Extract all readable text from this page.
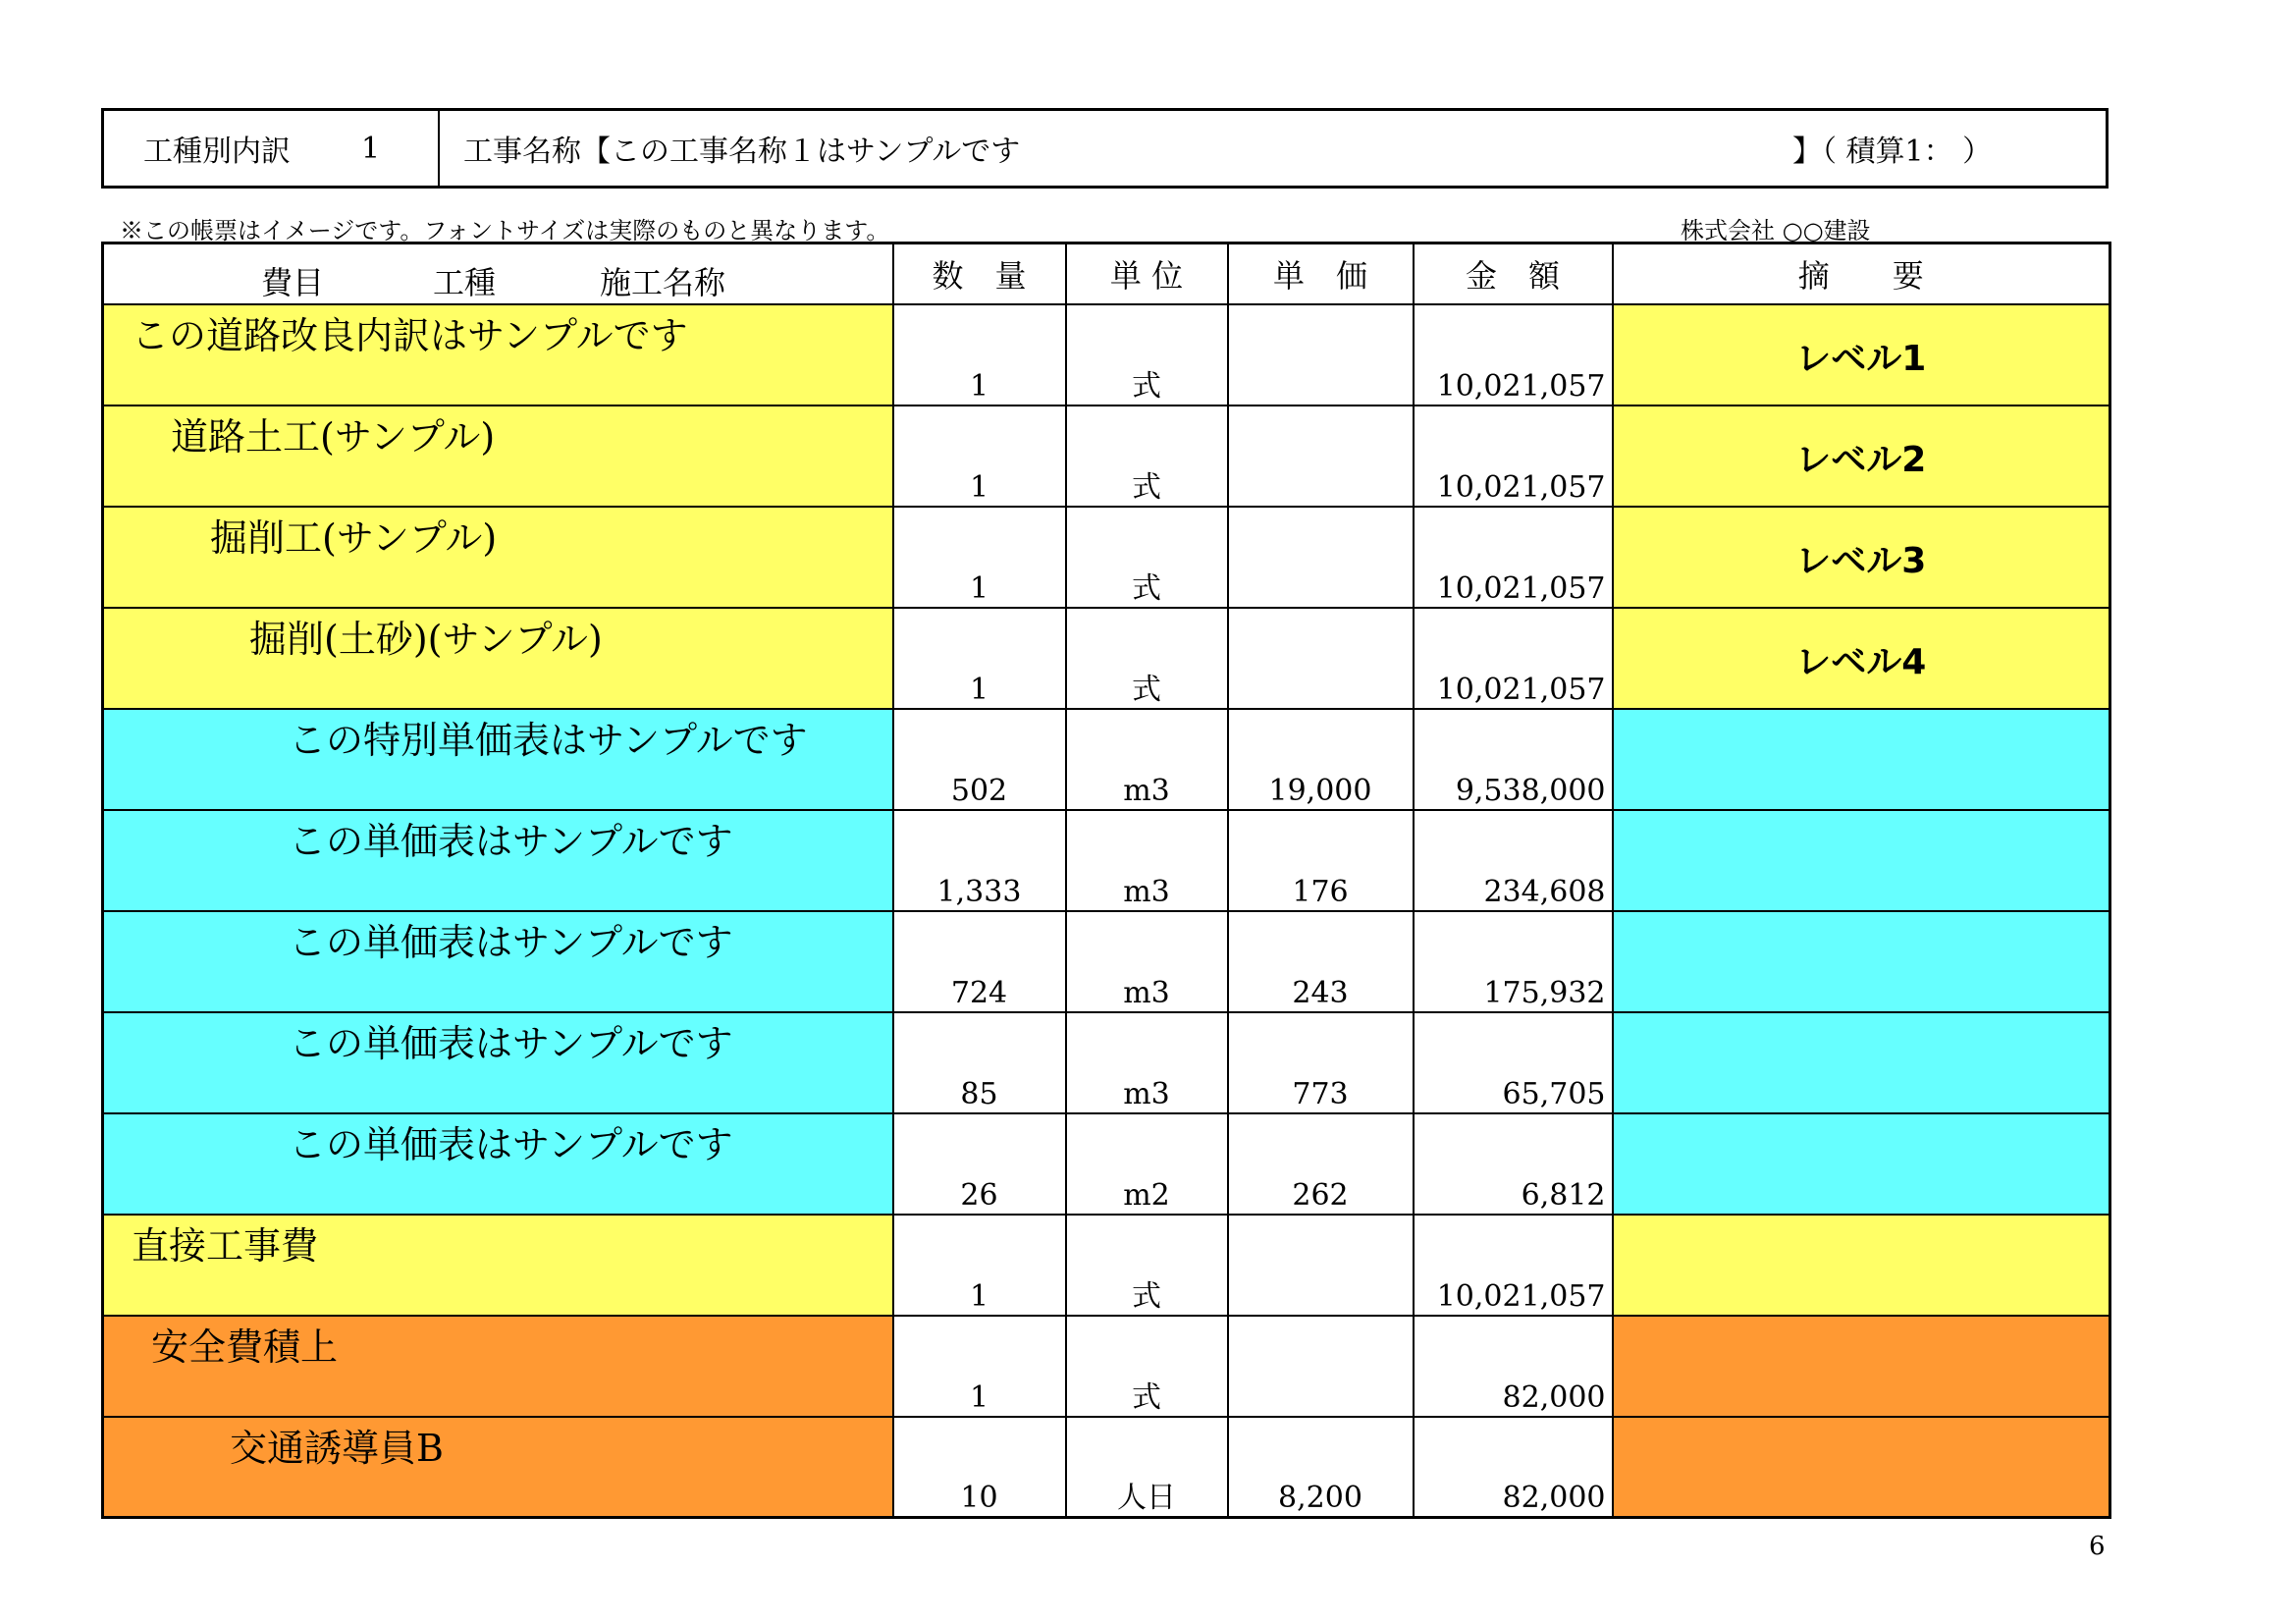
工種別内訳 1	工事名称【この工事名称１はサンプルです	】（ 積算1： ）
※この帳票はイメージです。フォントサイズは実際のものと異なります。	株式会社 ○○建設
費目 工種 施工名称	数　量	単 位	単　価	金　額	摘　　要

この道路改良内訳はサンプルです	1	式		10,021,057	レベル1

道路土工(サンプル)	1	式		10,021,057	レベル2

掘削工(サンプル)	1	式		10,021,057	レベル3

掘削(土砂)(サンプル)	1	式		10,021,057	レベル4

この特別単価表はサンプルです	502	m3	19,000	9,538,000	

この単価表はサンプルです	1,333	m3	176	234,608	

この単価表はサンプルです	724	m3	243	175,932	

この単価表はサンプルです	85	m3	773	65,705	

この単価表はサンプルです	26	m2	262	6,812	

直接工事費	1	式		10,021,057	

安全費積上	1	式		82,000	

交通誘導員B	10	人日	8,200	82,000	

6
